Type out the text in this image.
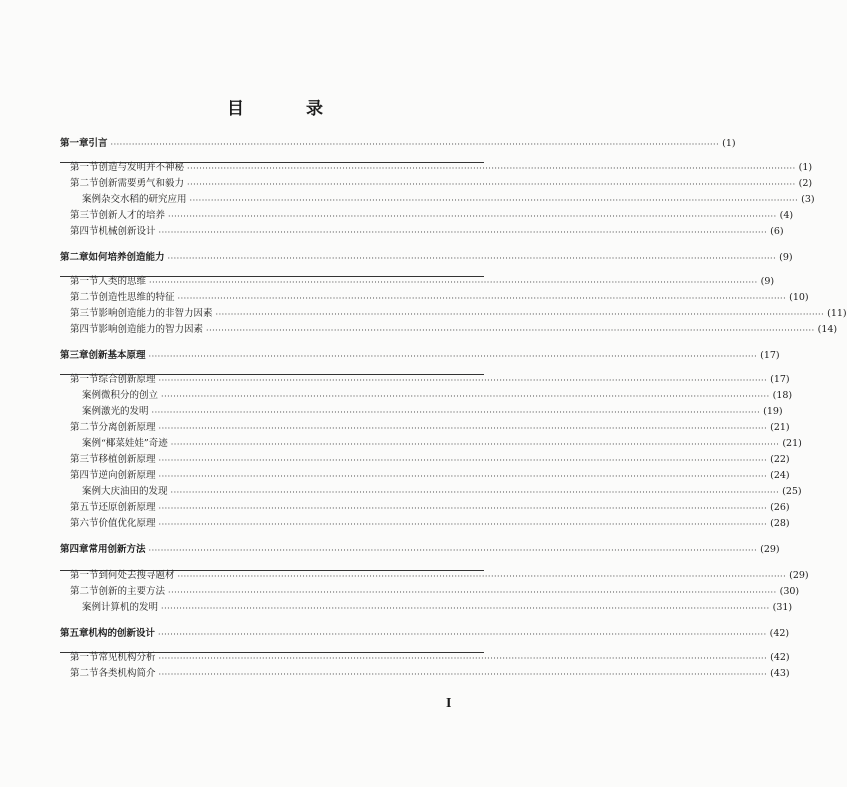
目 录
第一章 引言 ········································································································································································································ (1)
第一节 创造与发明并不神秘 ········································································································································································································ (1)
第二节 创新需要勇气和毅力 ········································································································································································································ (2)
案例 杂交水稻的研究应用 ········································································································································································································ (3)
第三节 创新人才的培养 ········································································································································································································ (4)
第四节 机械创新设计 ········································································································································································································ (6)
第二章 如何培养创造能力 ········································································································································································································ (9)
第一节 人类的思维 ········································································································································································································ (9)
第二节 创造性思维的特征 ········································································································································································································ (10)
第三节 影响创造能力的非智力因素 ········································································································································································································ (11)
第四节 影响创造能力的智力因素 ········································································································································································································ (14)
第三章 创新基本原理 ········································································································································································································ (17)
第一节 综合创新原理 ········································································································································································································ (17)
案例 微积分的创立 ········································································································································································································ (18)
案例 激光的发明 ········································································································································································································ (19)
第二节 分离创新原理 ········································································································································································································ (21)
案例 “椰菜娃娃”奇迹 ········································································································································································································ (21)
第三节 移植创新原理 ········································································································································································································ (22)
第四节 逆向创新原理 ········································································································································································································ (24)
案例 大庆油田的发现 ········································································································································································································ (25)
第五节 还原创新原理 ········································································································································································································ (26)
第六节 价值优化原理 ········································································································································································································ (28)
第四章 常用创新方法 ········································································································································································································ (29)
第一节 到何处去搜寻题材 ········································································································································································································ (29)
第二节 创新的主要方法 ········································································································································································································ (30)
案例 计算机的发明 ········································································································································································································ (31)
第五章 机构的创新设计 ········································································································································································································ (42)
第一节 常见机构分析 ········································································································································································································ (42)
第二节 各类机构简介 ········································································································································································································ (43)
I
